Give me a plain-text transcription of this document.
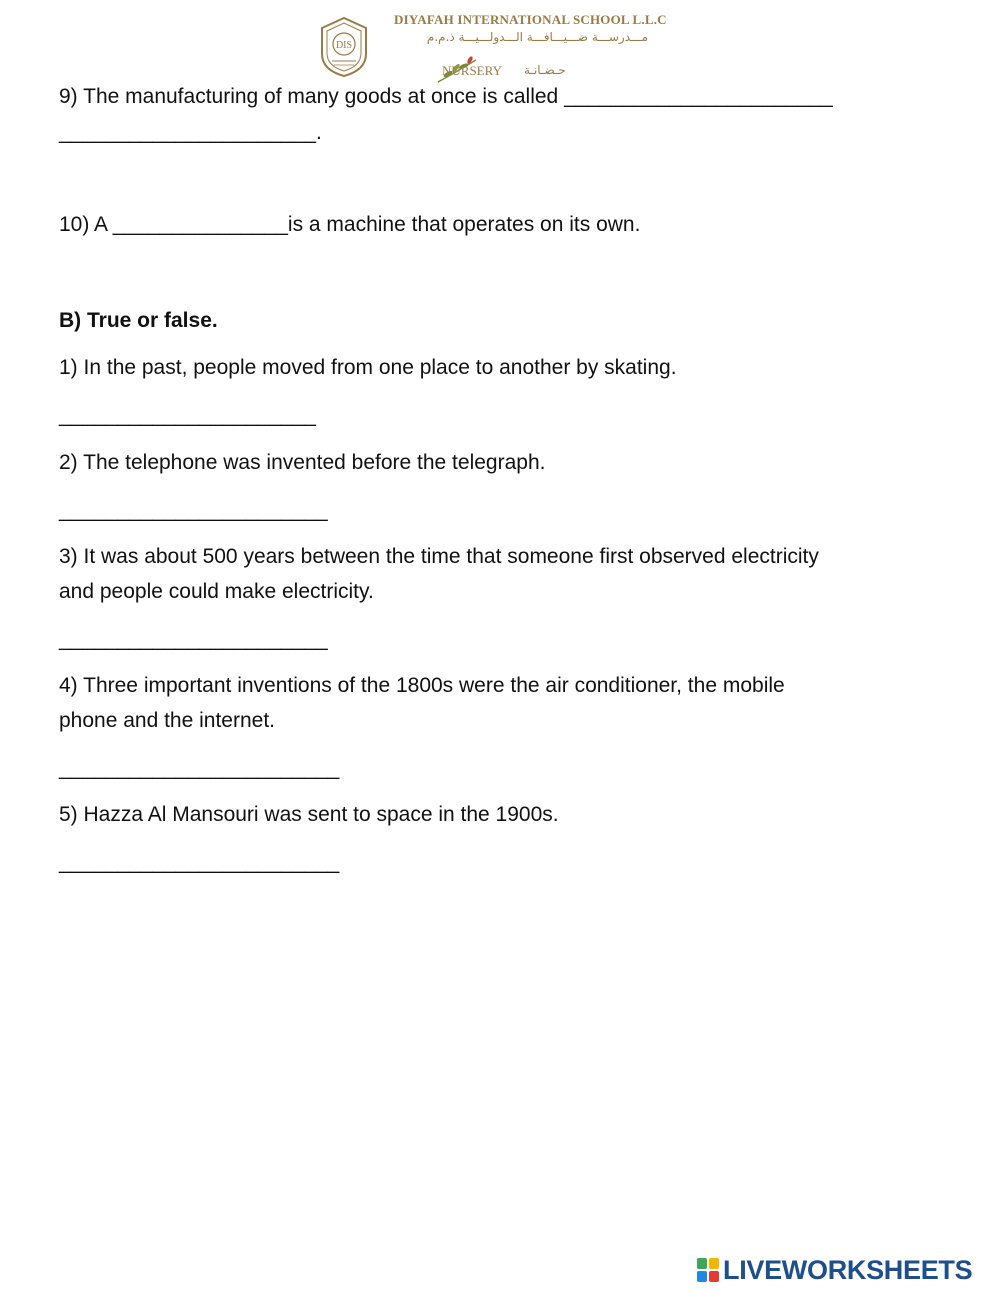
DIS
DIYAFAH INTERNATIONAL SCHOOL L.L.C
مـــدرســـة ضـــيـــافـــة الـــدولـــيـــة ذ.م.م
NURSERY حـضـانـة
9) The manufacturing of many goods at once is called _______________________
______________________.
10) A _______________is a machine that operates on its own.
B) True or false.
1) In the past, people moved from one place to another by skating.
______________________
2) The telephone was invented before the telegraph.
_______________________
3) It was about 500 years between the time that someone first observed electricity
and people could make electricity.
_______________________
4) Three important inventions of the 1800s were the air conditioner, the mobile
phone and the internet.
________________________
5) Hazza Al Mansouri was sent to space in the 1900s.
________________________
LIVEWORKSHEETS
